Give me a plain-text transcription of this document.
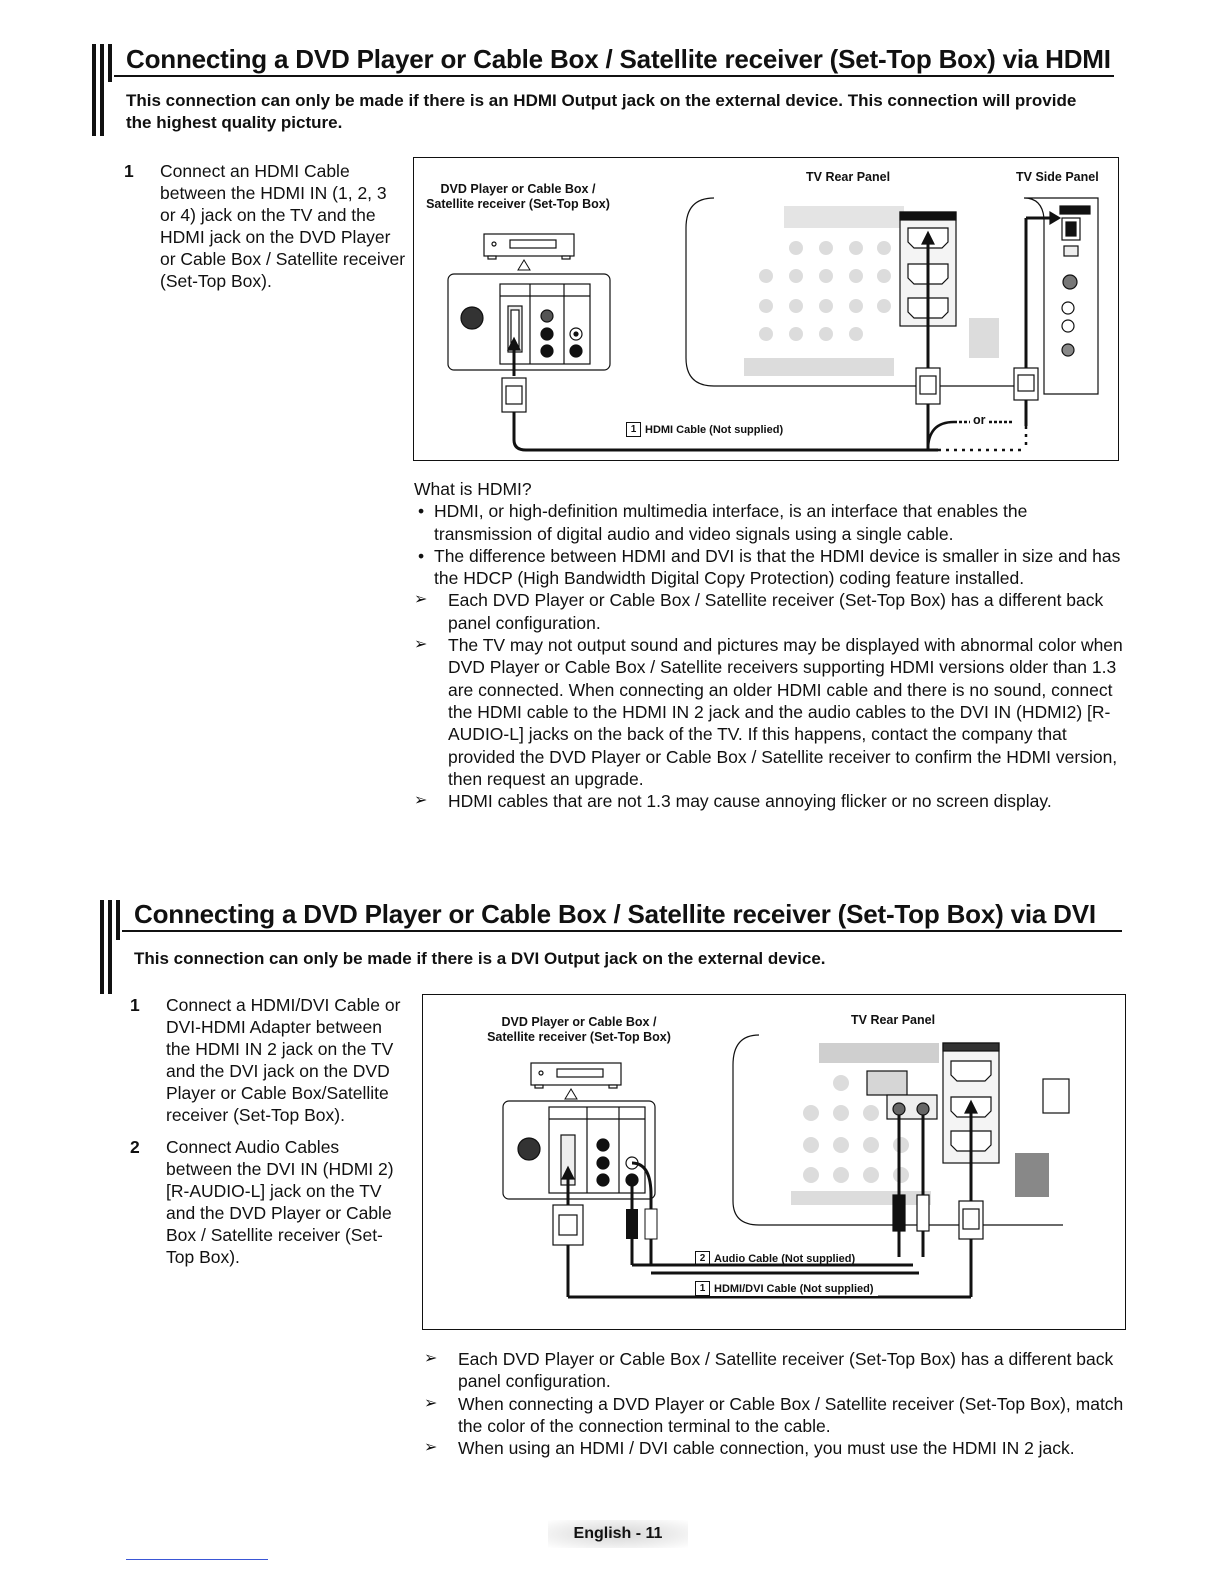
Connecting a DVD Player or Cable Box / Satellite receiver (Set-Top Box) via HDMI
This connection can only be made if there is an HDMI Output jack on the external device. This connection will provide the highest quality picture.
1 Connect an HDMI Cable between the HDMI IN (1, 2, 3 or 4) jack on the TV and the HDMI jack on the DVD Player or Cable Box / Satellite receiver (Set-Top Box).
DVD Player or Cable Box /
Satellite receiver (Set-Top Box)
TV Rear Panel	TV Side Panel
1 HDMI Cable (Not supplied)
or
What is HDMI?
• HDMI, or high-definition multimedia interface, is an interface that enables the transmission of digital audio and video signals using a single cable.
• The difference between HDMI and DVI is that the HDMI device is smaller in size and has the HDCP (High Bandwidth Digital Copy Protection) coding feature installed.
➢ Each DVD Player or Cable Box / Satellite receiver (Set-Top Box) has a different back panel configuration.
➢ The TV may not output sound and pictures may be displayed with abnormal color when DVD Player or Cable Box / Satellite receivers supporting HDMI versions older than 1.3 are connected. When connecting an older HDMI cable and there is no sound, connect the HDMI cable to the HDMI IN 2 jack and the audio cables to the DVI IN (HDMI2) [R-AUDIO-L] jacks on the back of the TV. If this happens, contact the company that provided the DVD Player or Cable Box / Satellite receiver to confirm the HDMI version, then request an upgrade.
➢ HDMI cables that are not 1.3 may cause annoying flicker or no screen display.
Connecting a DVD Player or Cable Box / Satellite receiver (Set-Top Box) via DVI
This connection can only be made if there is a DVI Output jack on the external device.
1 Connect a HDMI/DVI Cable or DVI-HDMI Adapter between the HDMI IN 2 jack on the TV and the DVI jack on the DVD Player or Cable Box/Satellite receiver (Set-Top Box).
2 Connect Audio Cables between the DVI IN (HDMI 2) [R-AUDIO-L] jack on the TV and the DVD Player or Cable Box / Satellite receiver (Set-Top Box).
DVD Player or Cable Box /
Satellite receiver (Set-Top Box)
TV Rear Panel
2 Audio Cable (Not supplied)
1 HDMI/DVI Cable (Not supplied)
➢ Each DVD Player or Cable Box / Satellite receiver (Set-Top Box) has a different back panel configuration.
➢ When connecting a DVD Player or Cable Box / Satellite receiver (Set-Top Box), match the color of the connection terminal to the cable.
➢ When using an HDMI / DVI cable connection, you must use the HDMI IN 2 jack.
English - 11
